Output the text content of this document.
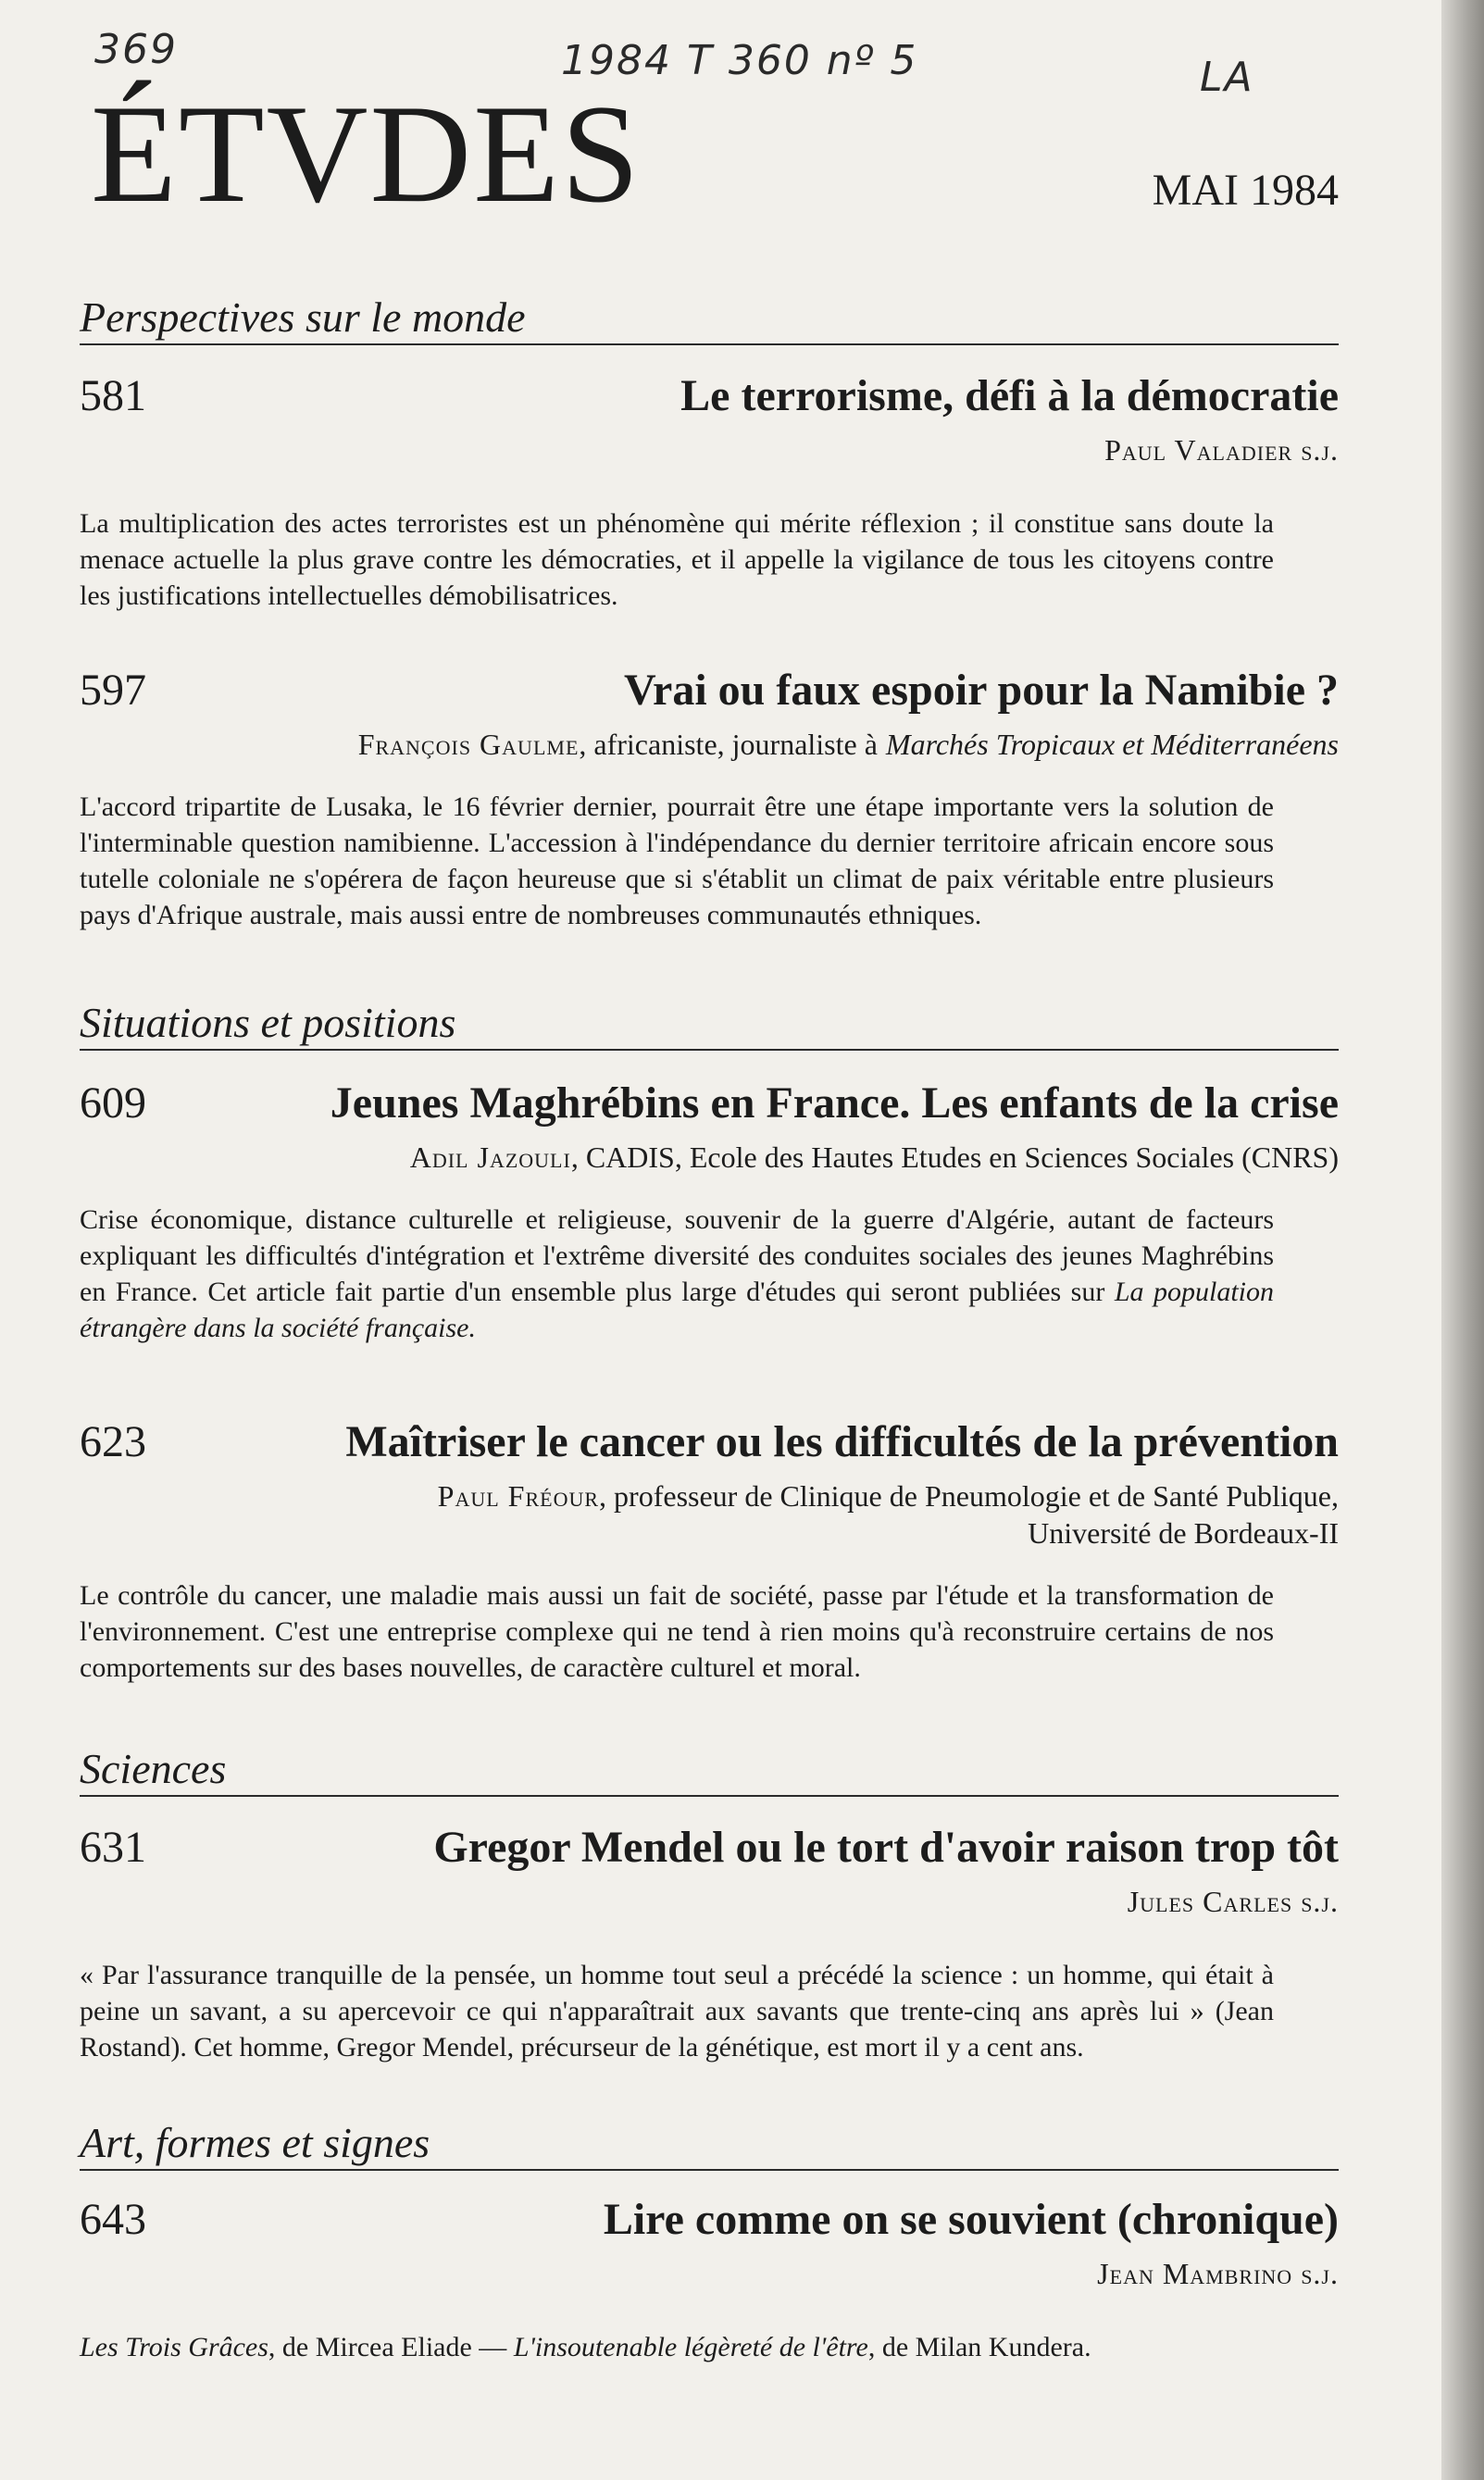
369	1984 T 360 nº 5	LA
ÉTVDES	MAI 1984
Perspectives sur le monde
581	Le terrorisme, défi à la démocratie
Paul Valadier s.j.
La multiplication des actes terroristes est un phénomène qui mérite réflexion ; il constitue sans doute la menace actuelle la plus grave contre les démocraties, et il appelle la vigilance de tous les citoyens contre les justifications intellectuelles démobilisatrices.
597	Vrai ou faux espoir pour la Namibie ?
François Gaulme, africaniste, journaliste à Marchés Tropicaux et Méditerranéens
L'accord tripartite de Lusaka, le 16 février dernier, pourrait être une étape importante vers la solution de l'interminable question namibienne. L'accession à l'indépendance du dernier territoire africain encore sous tutelle coloniale ne s'opérera de façon heureuse que si s'établit un climat de paix véritable entre plusieurs pays d'Afrique australe, mais aussi entre de nombreuses communautés ethniques.
Situations et positions
609	Jeunes Maghrébins en France. Les enfants de la crise
Adil Jazouli, CADIS, Ecole des Hautes Etudes en Sciences Sociales (CNRS)
Crise économique, distance culturelle et religieuse, souvenir de la guerre d'Algérie, autant de facteurs expliquant les difficultés d'intégration et l'extrême diversité des conduites sociales des jeunes Maghrébins en France. Cet article fait partie d'un ensemble plus large d'études qui seront publiées sur La population étrangère dans la société française.
623	Maîtriser le cancer ou les difficultés de la prévention
Paul Fréour, professeur de Clinique de Pneumologie et de Santé Publique,
Université de Bordeaux-II
Le contrôle du cancer, une maladie mais aussi un fait de société, passe par l'étude et la transformation de l'environnement. C'est une entreprise complexe qui ne tend à rien moins qu'à reconstruire certains de nos comportements sur des bases nouvelles, de caractère culturel et moral.
Sciences
631	Gregor Mendel ou le tort d'avoir raison trop tôt
Jules Carles s.j.
« Par l'assurance tranquille de la pensée, un homme tout seul a précédé la science : un homme, qui était à peine un savant, a su apercevoir ce qui n'apparaîtrait aux savants que trente-cinq ans après lui » (Jean Rostand). Cet homme, Gregor Mendel, précurseur de la génétique, est mort il y a cent ans.
Art, formes et signes
643	Lire comme on se souvient (chronique)
Jean Mambrino s.j.
Les Trois Grâces, de Mircea Eliade — L'insoutenable légèreté de l'être, de Milan Kundera.
